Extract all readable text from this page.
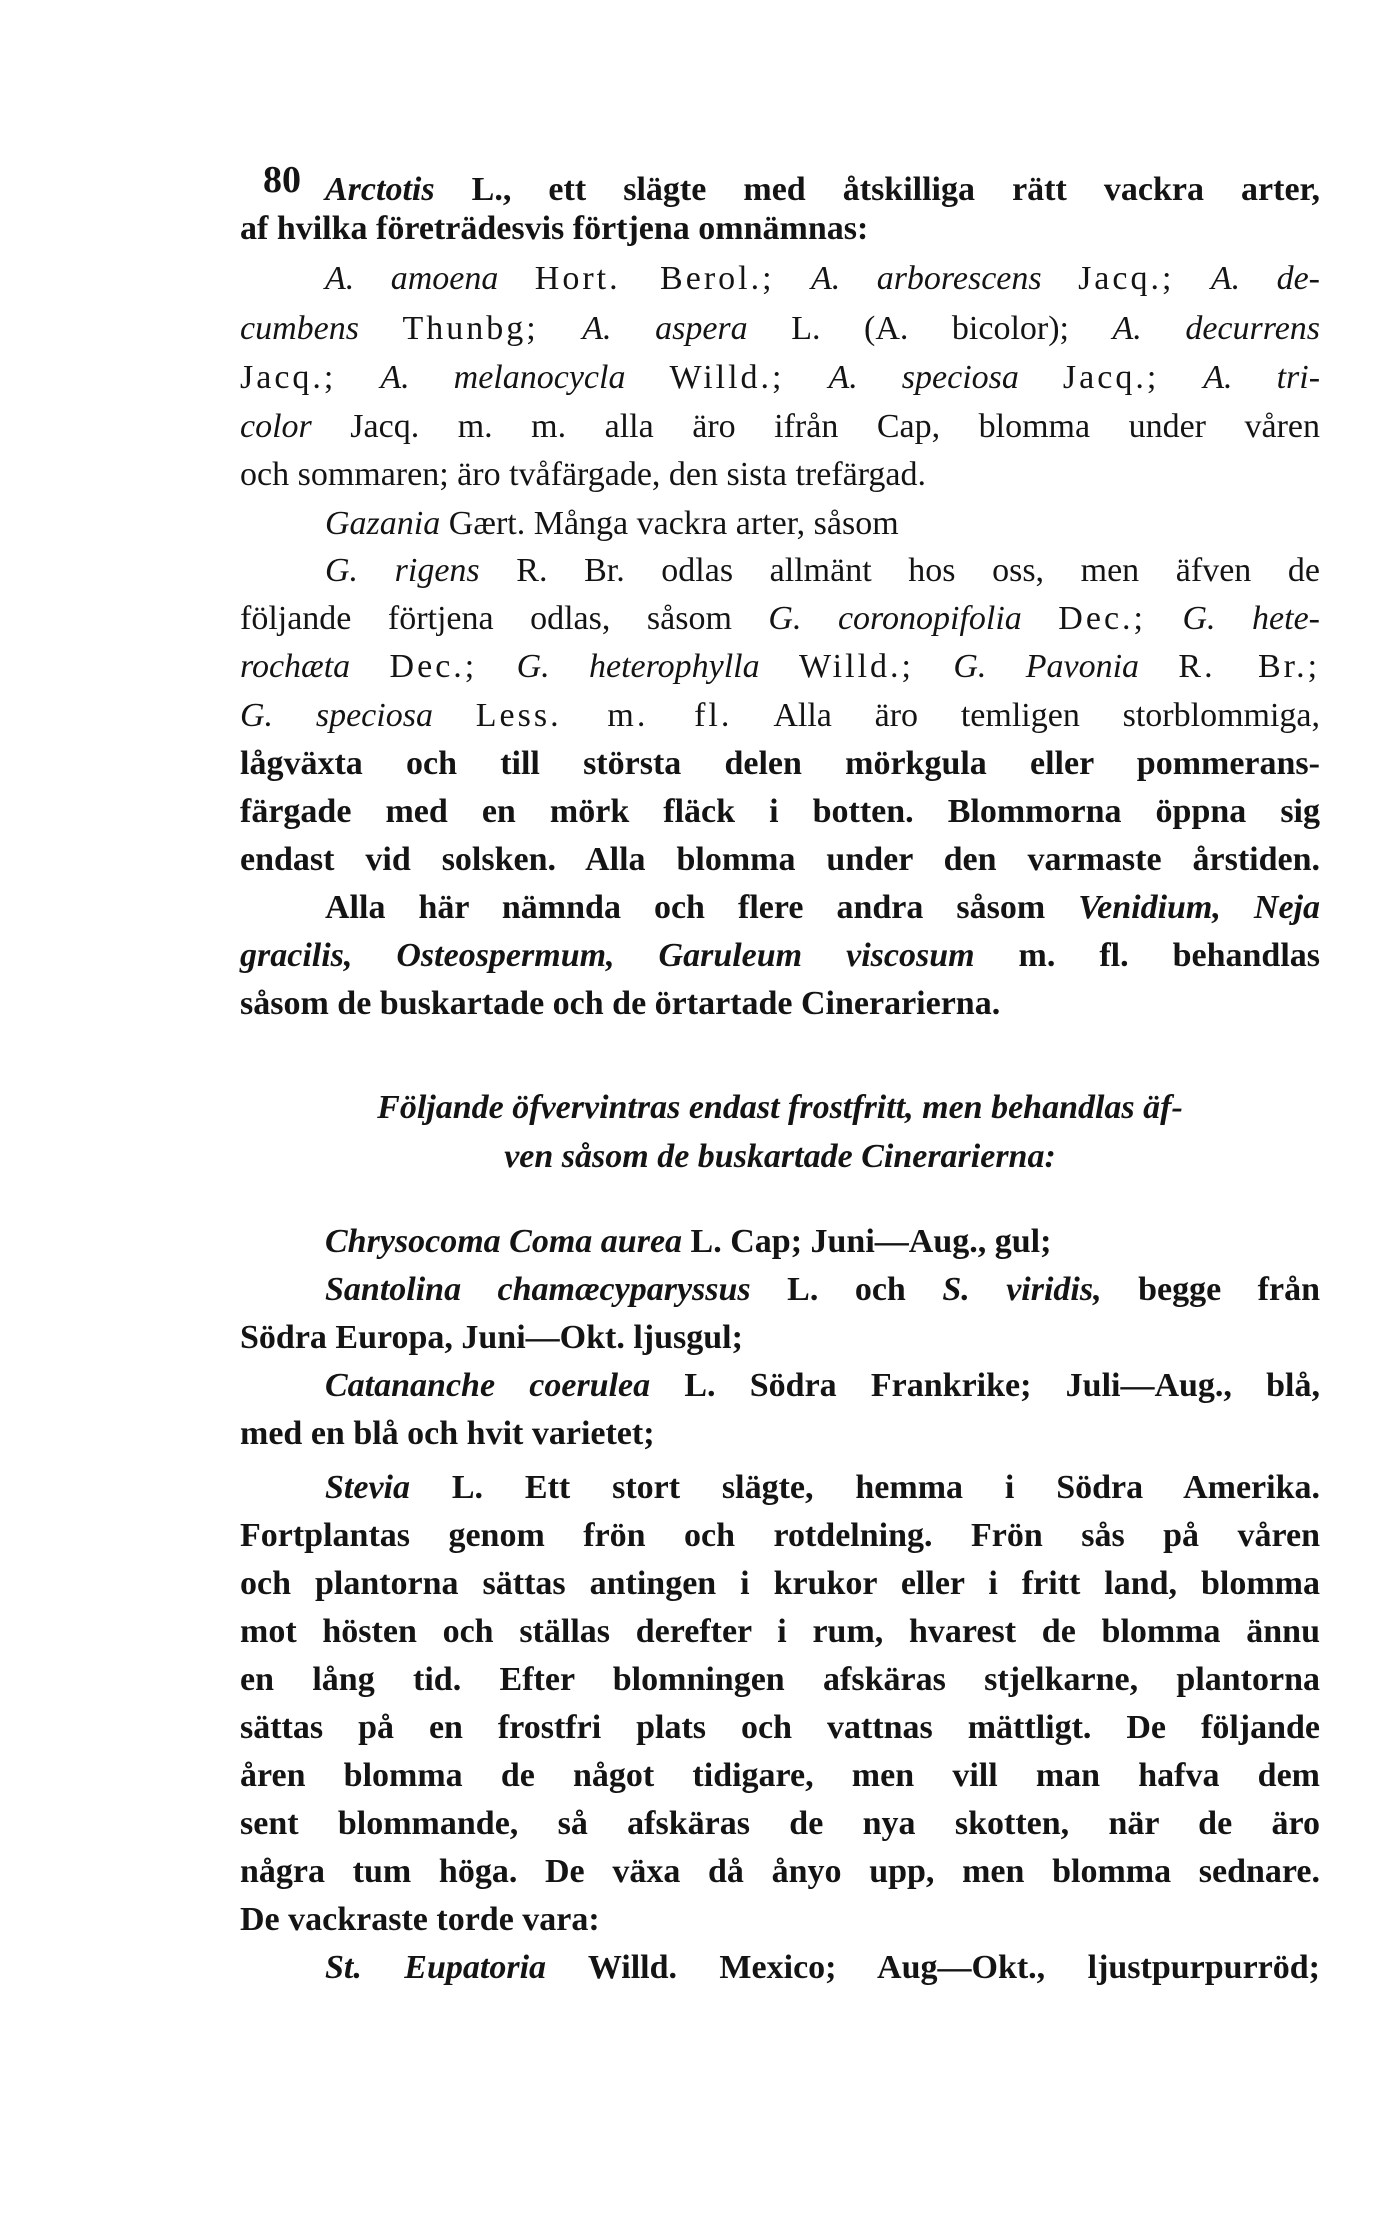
80 Arctotis L., ett slägte med åtskilliga rätt vackra arter,
af hvilka företrädesvis förtjena omnämnas:
A. amoena Hort. Berol.; A. arborescens Jacq.; A. de-
cumbens Thunbg; A. aspera L. (A. bicolor); A. decurrens
Jacq.; A. melanocycla Willd.; A. speciosa Jacq.; A. tri-
color Jacq. m. m. alla äro ifrån Cap, blomma under våren
och sommaren; äro tvåfärgade, den sista trefärgad.
Gazania Gært. Många vackra arter, såsom
G. rigens R. Br. odlas allmänt hos oss, men äfven de
följande förtjena odlas, såsom G. coronopifolia Dec.; G. hete-
rochæta Dec.; G. heterophylla Willd.; G. Pavonia R. Br.;
G. speciosa Less. m. fl. Alla äro temligen storblommiga,
lågväxta och till största delen mörkgula eller pommerans-
färgade med en mörk fläck i botten. Blommorna öppna sig
endast vid solsken. Alla blomma under den varmaste årstiden.
Alla här nämnda och flere andra såsom Venidium, Neja
gracilis, Osteospermum, Garuleum viscosum m. fl. behandlas
såsom de buskartade och de örtartade Cinerarierna.
Följande öfvervintras endast frostfritt, men behandlas äf-
ven såsom de buskartade Cinerarierna:
Chrysocoma Coma aurea L. Cap; Juni—Aug., gul;
Santolina chamæcyparyssus L. och S. viridis, begge från
Södra Europa, Juni—Okt. ljusgul;
Catananche coerulea L. Södra Frankrike; Juli—Aug., blå,
med en blå och hvit varietet;
Stevia L. Ett stort slägte, hemma i Södra Amerika.
Fortplantas genom frön och rotdelning. Frön sås på våren
och plantorna sättas antingen i krukor eller i fritt land, blomma
mot hösten och ställas derefter i rum, hvarest de blomma ännu
en lång tid. Efter blomningen afskäras stjelkarne, plantorna
sättas på en frostfri plats och vattnas mättligt. De följande
åren blomma de något tidigare, men vill man hafva dem
sent blommande, så afskäras de nya skotten, när de äro
några tum höga. De växa då ånyo upp, men blomma sednare.
De vackraste torde vara:
St. Eupatoria Willd. Mexico; Aug—Okt., ljustpurpurröd;
